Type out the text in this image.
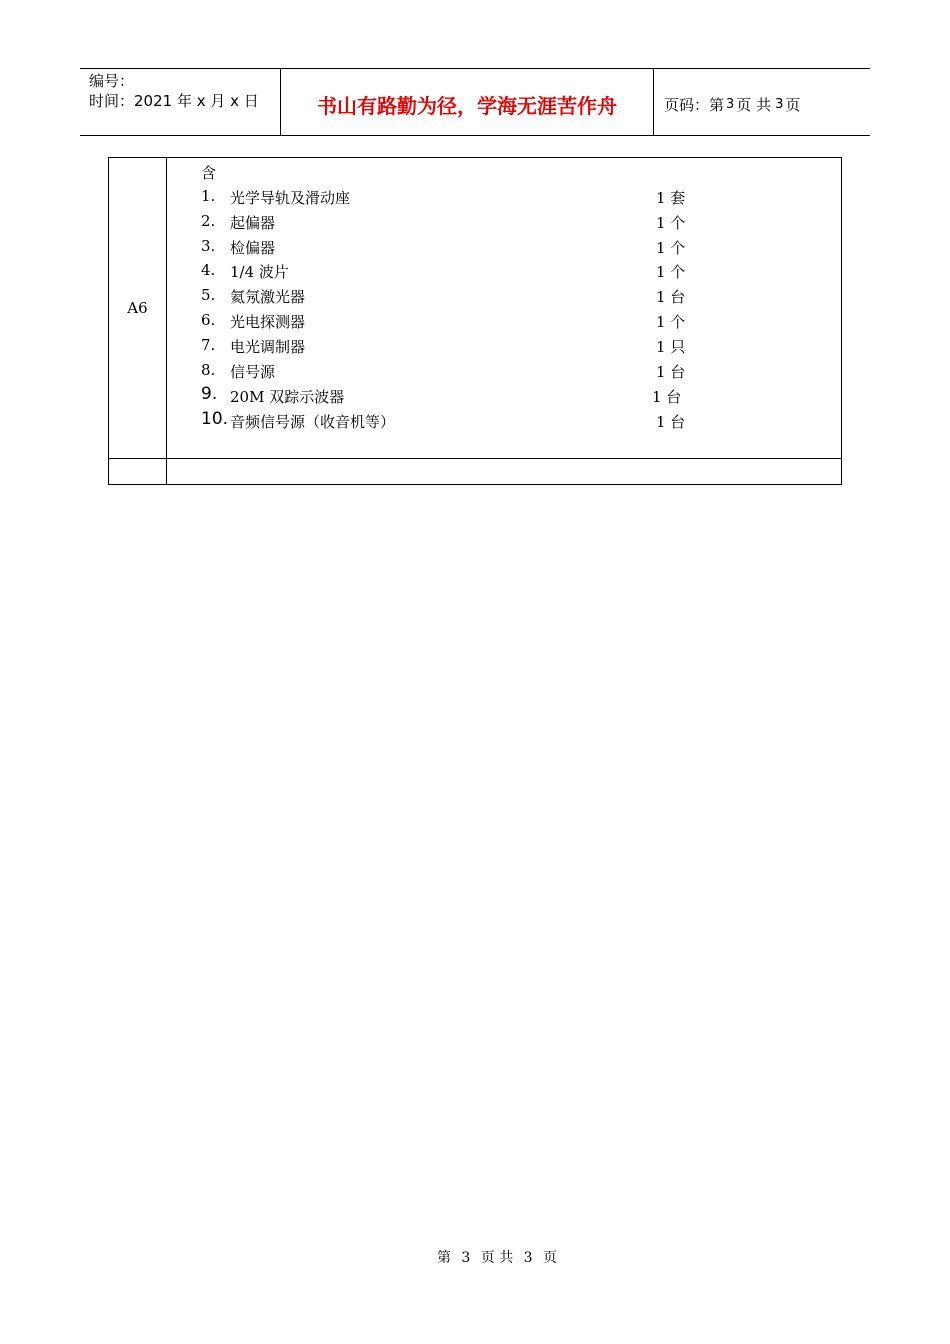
编号：
时间：2021 年 x 月 x 日	书山有路勤为径，学海无涯苦作舟	页码：第 3 页 共 3 页
A6
含
1. 光学导轨及滑动座	1 套
2. 起偏器	1 个
3. 检偏器	1 个
4. 1/4 波片	1 个
5. 氦氖激光器	1 台
6. 光电探测器	1 个
7. 电光调制器	1 只
8. 信号源	1 台
9. 20M 双踪示波器	1 台
10. 音频信号源（收音机等）	1 台
第 3 页 共 3 页
